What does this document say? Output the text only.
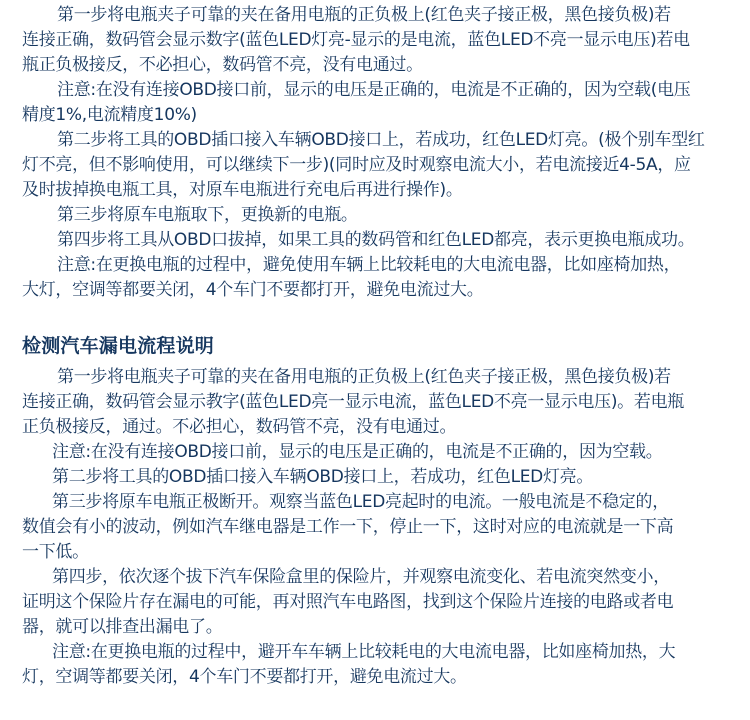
第一步将电瓶夹子可靠的夹在备用电瓶的正负极上(红色夹子接正极，黑色接负极)若
连接正确，数码管会显示数字(蓝色LED灯亮-显示的是电流，蓝色LED不亮一显示电压)若电
瓶正负极接反，不必担心，数码管不亮，没有电通过。
注意:在没有连接OBD接口前，显示的电压是正确的，电流是不正确的，因为空载(电压
精度1%,电流精度10%)
第二步将工具的OBD插口接入车辆OBD接口上，若成功，红色LED灯亮。(极个别车型红
灯不亮，但不影响使用，可以继续下一步)(同时应及时观察电流大小，若电流接近4-5A，应
及时拔掉换电瓶工具，对原车电瓶进行充电后再进行操作)。
第三步将原车电瓶取下，更换新的电瓶。
第四步将工具从OBD口拔掉，如果工具的数码管和红色LED都亮，表示更换电瓶成功。
注意:在更换电瓶的过程中，避免使用车辆上比较耗电的大电流电器，比如座椅加热，
大灯，空调等都要关闭，4个车门不要都打开，避免电流过大。
检测汽车漏电流程说明
第一步将电瓶夹子可靠的夹在备用电瓶的正负极上(红色夹子接正极，黑色接负极)若
连接正确，数码管会显示教字(蓝色LED亮一显示电流，蓝色LED不亮一显示电压)。若电瓶
正负极接反，通过。不必担心，数码管不亮，没有电通过。
注意:在没有连接OBD接口前，显示的电压是正确的，电流是不正确的，因为空载。
第二步将工具的OBD插口接入车辆OBD接口上，若成功，红色LED灯亮。
第三步将原车电瓶正极断开。观察当蓝色LED亮起时的电流。一般电流是不稳定的，
数值会有小的波动，例如汽车继电器是工作一下，停止一下，这时对应的电流就是一下高
一下低。
第四步，依次逐个拔下汽车保险盒里的保险片，并观察电流变化、若电流突然变小，
证明这个保险片存在漏电的可能，再对照汽车电路图，找到这个保险片连接的电路或者电
器，就可以排查出漏电了。
注意:在更换电瓶的过程中，避开车车辆上比较耗电的大电流电器，比如座椅加热，大
灯，空调等都要关闭，4个车门不要都打开，避免电流过大。
